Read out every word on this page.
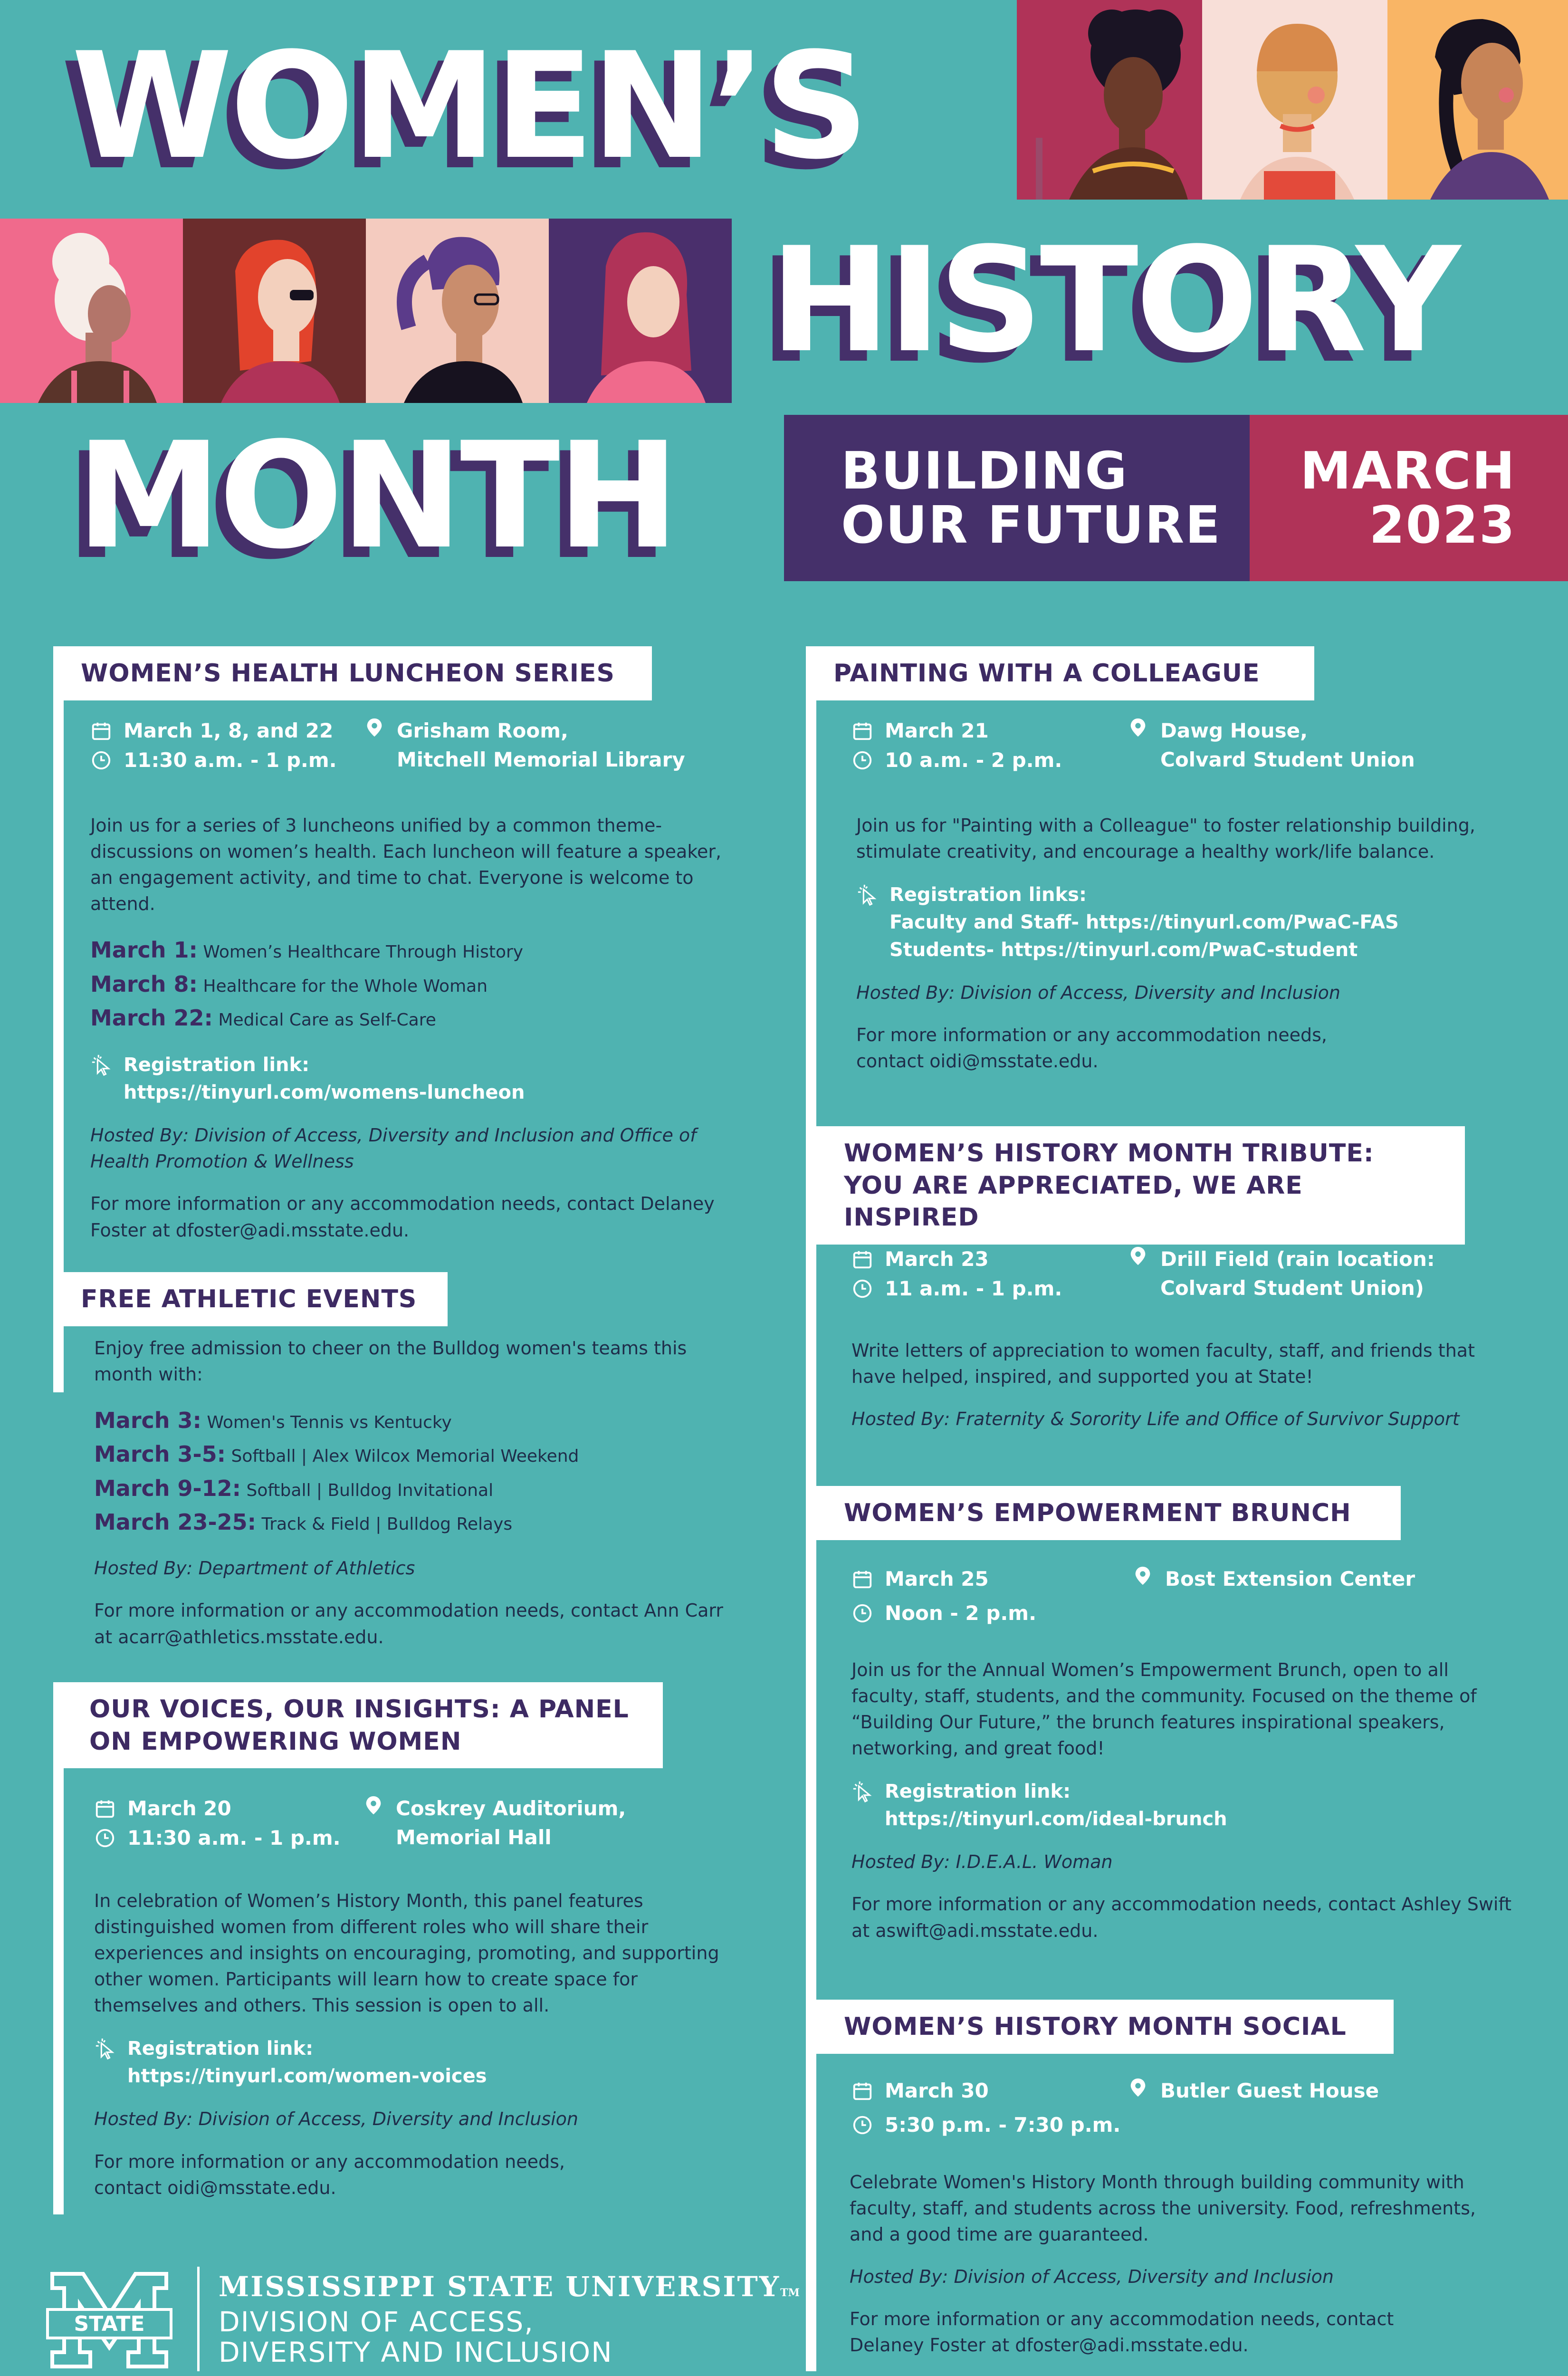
WOMEN’S
HISTORY
MONTH	BUILDING
OUR FUTURE
MARCH
2023
WOMEN’S HEALTH LUNCHEON SERIES
March 1, 8, and 22
11:30 a.m. - 1 p.m.
Grisham Room,
Mitchell Memorial Library

Join us for a series of 3 luncheons unified by a common theme- discussions on women’s health. Each luncheon will feature a speaker, an engagement activity, and time to chat. Everyone is welcome to attend.

March 1: Women’s Healthcare Through History
March 8: Healthcare for the Whole Woman
March 22: Medical Care as Self-Care
Registration link:
https://tinyurl.com/womens-luncheon

Hosted By: Division of Access, Diversity and Inclusion and Office of Health Promotion & Wellness

For more information or any accommodation needs, contact Delaney Foster at dfoster@adi.msstate.edu.

FREE ATHLETIC EVENTS

Enjoy free admission to cheer on the Bulldog women's teams this month with:

March 3: Women's Tennis vs Kentucky
March 3-5: Softball | Alex Wilcox Memorial Weekend
March 9-12: Softball | Bulldog Invitational
March 23-25: Track & Field | Bulldog Relays

Hosted By: Department of Athletics

For more information or any accommodation needs, contact Ann Carr at acarr@athletics.msstate.edu.

OUR VOICES, OUR INSIGHTS: A PANEL
ON EMPOWERING WOMEN
March 20
11:30 a.m. - 1 p.m.
Coskrey Auditorium,
Memorial Hall

In celebration of Women’s History Month, this panel features distinguished women from different roles who will share their experiences and insights on encouraging, promoting, and supporting other women. Participants will learn how to create space for themselves and others. This session is open to all.

Registration link:
https://tinyurl.com/women-voices

Hosted By: Division of Access, Diversity and Inclusion

For more information or any accommodation needs, contact oidi@msstate.edu.

PAINTING WITH A COLLEAGUE
March 21
10 a.m. - 2 p.m.
Dawg House,
Colvard Student Union

Join us for "Painting with a Colleague" to foster relationship building, stimulate creativity, and encourage a healthy work/life balance.

Registration links:
Faculty and Staff- https://tinyurl.com/PwaC-FAS
Students- https://tinyurl.com/PwaC-student

Hosted By: Division of Access, Diversity and Inclusion

For more information or any accommodation needs, contact oidi@msstate.edu.

WOMEN’S HISTORY MONTH TRIBUTE:
YOU ARE APPRECIATED, WE ARE INSPIRED
March 23
11 a.m. - 1 p.m.
Drill Field (rain location:
Colvard Student Union)

Write letters of appreciation to women faculty, staff, and friends that have helped, inspired, and supported you at State!

Hosted By: Fraternity & Sorority Life and Office of Survivor Support

WOMEN’S EMPOWERMENT BRUNCH
March 25
Noon - 2 p.m.
Bost Extension Center

Join us for the Annual Women’s Empowerment Brunch, open to all faculty, staff, students, and the community. Focused on the theme of “Building Our Future,” the brunch features inspirational speakers, networking, and great food!

Registration link:
https://tinyurl.com/ideal-brunch

Hosted By: I.D.E.A.L. Woman

For more information or any accommodation needs, contact Ashley Swift at aswift@adi.msstate.edu.

WOMEN’S HISTORY MONTH SOCIAL
March 30
5:30 p.m. - 7:30 p.m.
Butler Guest House

Celebrate Women's History Month through building community with faculty, staff, and students across the university. Food, refreshments, and a good time are guaranteed.

Hosted By: Division of Access, Diversity and Inclusion

For more information or any accommodation needs, contact Delaney Foster at dfoster@adi.msstate.edu.

STATE
MISSISSIPPI STATE UNIVERSITYTM
DIVISION OF ACCESS,
DIVERSITY AND INCLUSION
